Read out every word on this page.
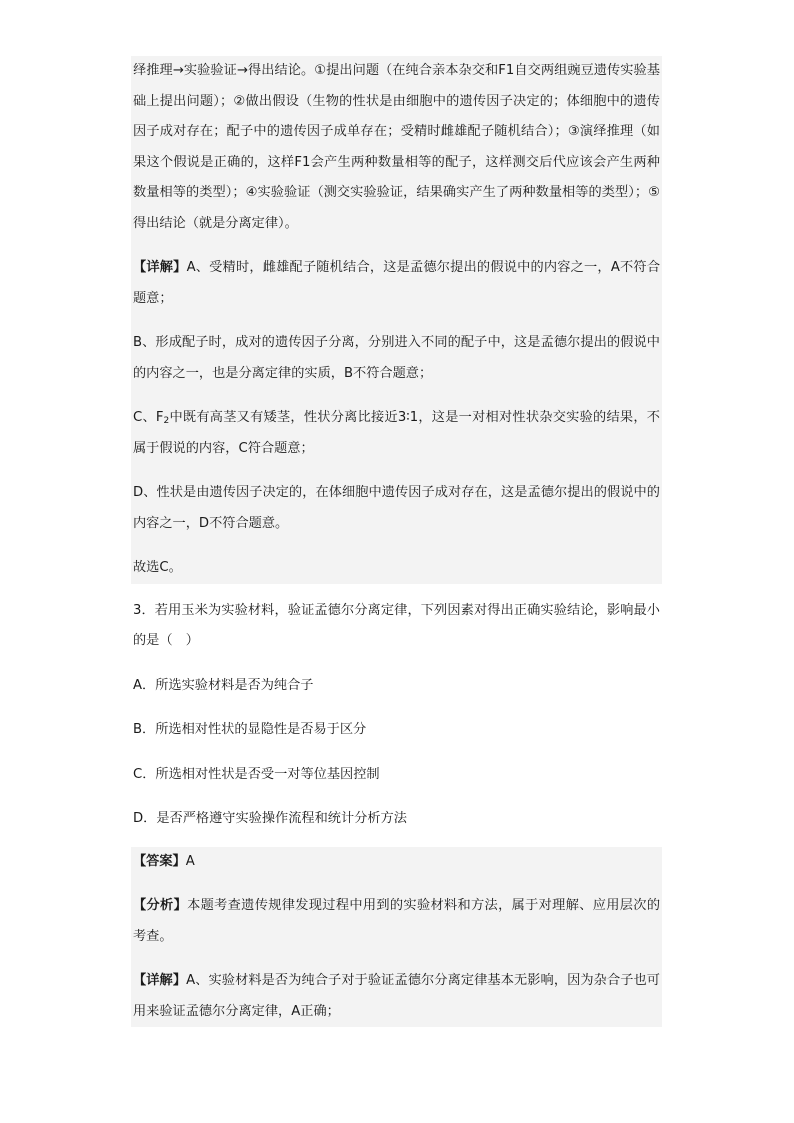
绎推理→实验验证→得出结论。①提出问题（在纯合亲本杂交和F1自交两组豌豆遗传实验基础上提出问题）；②做出假设（生物的性状是由细胞中的遗传因子决定的；体细胞中的遗传因子成对存在；配子中的遗传因子成单存在；受精时雌雄配子随机结合）；③演绎推理（如果这个假说是正确的，这样F1会产生两种数量相等的配子，这样测交后代应该会产生两种数量相等的类型）；④实验验证（测交实验验证，结果确实产生了两种数量相等的类型）；⑤得出结论（就是分离定律）。

【详解】A、受精时，雌雄配子随机结合，这是孟德尔提出的假说中的内容之一，A不符合题意；

B、形成配子时，成对的遗传因子分离，分别进入不同的配子中，这是孟德尔提出的假说中的内容之一，也是分离定律的实质，B不符合题意；

C、$F_2$中既有高茎又有矮茎，性状分离比接近3∶1，这是一对相对性状杂交实验的结果，不属于假说的内容，C符合题意；

D、性状是由遗传因子决定的，在体细胞中遗传因子成对存在，这是孟德尔提出的假说中的内容之一，D不符合题意。

故选C。

3．若用玉米为实验材料，验证孟德尔分离定律，下列因素对得出正确实验结论，影响最小的是（　）

A．所选实验材料是否为纯合子

B．所选相对性状的显隐性是否易于区分

C．所选相对性状是否受一对等位基因控制

D．是否严格遵守实验操作流程和统计分析方法

【答案】A

【分析】本题考查遗传规律发现过程中用到的实验材料和方法，属于对理解、应用层次的考查。

【详解】A、实验材料是否为纯合子对于验证孟德尔分离定律基本无影响，因为杂合子也可用来验证孟德尔分离定律，A正确；
